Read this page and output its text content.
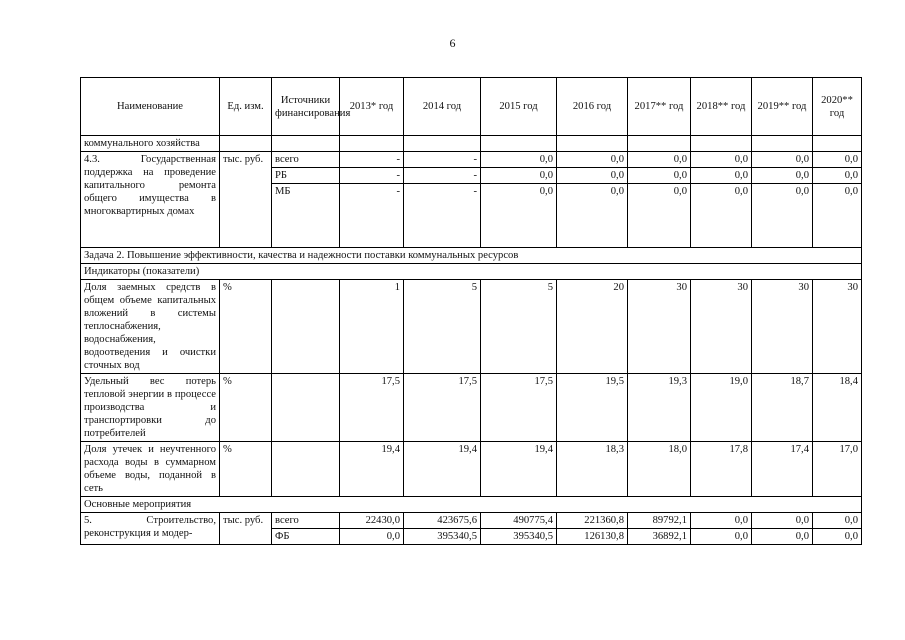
6
Наименование	Ед. изм.	Источники финансирования	2013* год	2014 год	2015 год	2016 год	2017** год	2018** год	2019** год	2020** год
коммунального хозяйства										
4.3. Государственная поддержка на проведение капитального ремонта общего имущества в многоквартирных домах	тыс. руб.	всего	-	-	0,0	0,0	0,0	0,0	0,0	0,0
		РБ	-	-	0,0	0,0	0,0	0,0	0,0	0,0
		МБ	-	-	0,0	0,0	0,0	0,0	0,0	0,0
Задача 2. Повышение эффективности, качества и надежности поставки коммунальных ресурсов										
Индикаторы (показатели)										
Доля заемных средств в общем объеме капитальных вложений в системы теплоснабжения, водоснабжения, водоотведения и очистки сточных вод	%		1	5	5	20	30	30	30	30
Удельный вес потерь тепловой энергии в процессе производства и транспортировки до потребителей	%		17,5	17,5	17,5	19,5	19,3	19,0	18,7	18,4
Доля утечек и неучтенного расхода воды в суммарном объеме воды, поданной в сеть	%		19,4	19,4	19,4	18,3	18,0	17,8	17,4	17,0
Основные мероприятия										
5. Строительство, реконструкция и модер-	тыс. руб.	всего	22430,0	423675,6	490775,4	221360,8	89792,1	0,0	0,0	0,0
		ФБ	0,0	395340,5	395340,5	126130,8	36892,1	0,0	0,0	0,0
